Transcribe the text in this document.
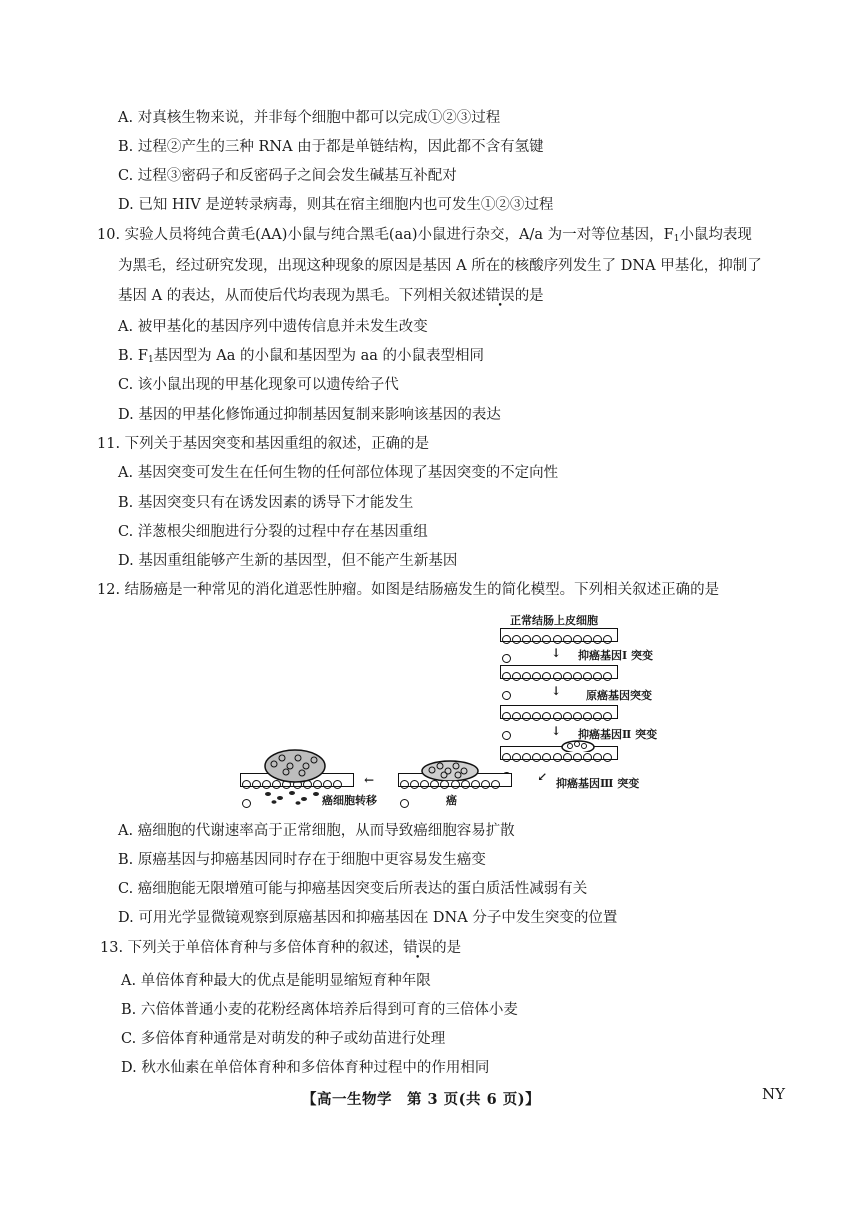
A. 对真核生物来说，并非每个细胞中都可以完成①②③过程
B. 过程②产生的三种 RNA 由于都是单链结构，因此都不含有氢键
C. 过程③密码子和反密码子之间会发生碱基互补配对
D. 已知 HIV 是逆转录病毒，则其在宿主细胞内也可发生①②③过程
10. 实验人员将纯合黄毛(AA)小鼠与纯合黑毛(aa)小鼠进行杂交，A/a 为一对等位基因，$F_1$小鼠均表现
为黑毛，经过研究发现，出现这种现象的原因是基因 A 所在的核酸序列发生了 DNA 甲基化，抑制了
基因 A 的表达，从而使后代均表现为黑毛。下列相关叙述错误的是
A. 被甲基化的基因序列中遗传信息并未发生改变
B. $F_1$基因型为 Aa 的小鼠和基因型为 aa 的小鼠表型相同
C. 该小鼠出现的甲基化现象可以遗传给子代
D. 基因的甲基化修饰通过抑制基因复制来影响该基因的表达
11. 下列关于基因突变和基因重组的叙述，正确的是
A. 基因突变可发生在任何生物的任何部位体现了基因突变的不定向性
B. 基因突变只有在诱发因素的诱导下才能发生
C. 洋葱根尖细胞进行分裂的过程中存在基因重组
D. 基因重组能够产生新的基因型，但不能产生新基因
12. 结肠癌是一种常见的消化道恶性肿瘤。如图是结肠癌发生的简化模型。下列相关叙述正确的是
正常结肠上皮细胞
↓ 抑癌基因Ⅰ 突变
↓ 原癌基因突变
↓ 抑癌基因Ⅱ 突变
↓ 抑癌基因Ⅲ 突变
癌
←
癌细胞转移
A. 癌细胞的代谢速率高于正常细胞，从而导致癌细胞容易扩散
B. 原癌基因与抑癌基因同时存在于细胞中更容易发生癌变
C. 癌细胞能无限增殖可能与抑癌基因突变后所表达的蛋白质活性减弱有关
D. 可用光学显微镜观察到原癌基因和抑癌基因在 DNA 分子中发生突变的位置
13. 下列关于单倍体育种与多倍体育种的叙述，错误的是
A. 单倍体育种最大的优点是能明显缩短育种年限
B. 六倍体普通小麦的花粉经离体培养后得到可育的三倍体小麦
C. 多倍体育种通常是对萌发的种子或幼苗进行处理
D. 秋水仙素在单倍体育种和多倍体育种过程中的作用相同
【高一生物学　第 3 页(共 6 页)】	NY
